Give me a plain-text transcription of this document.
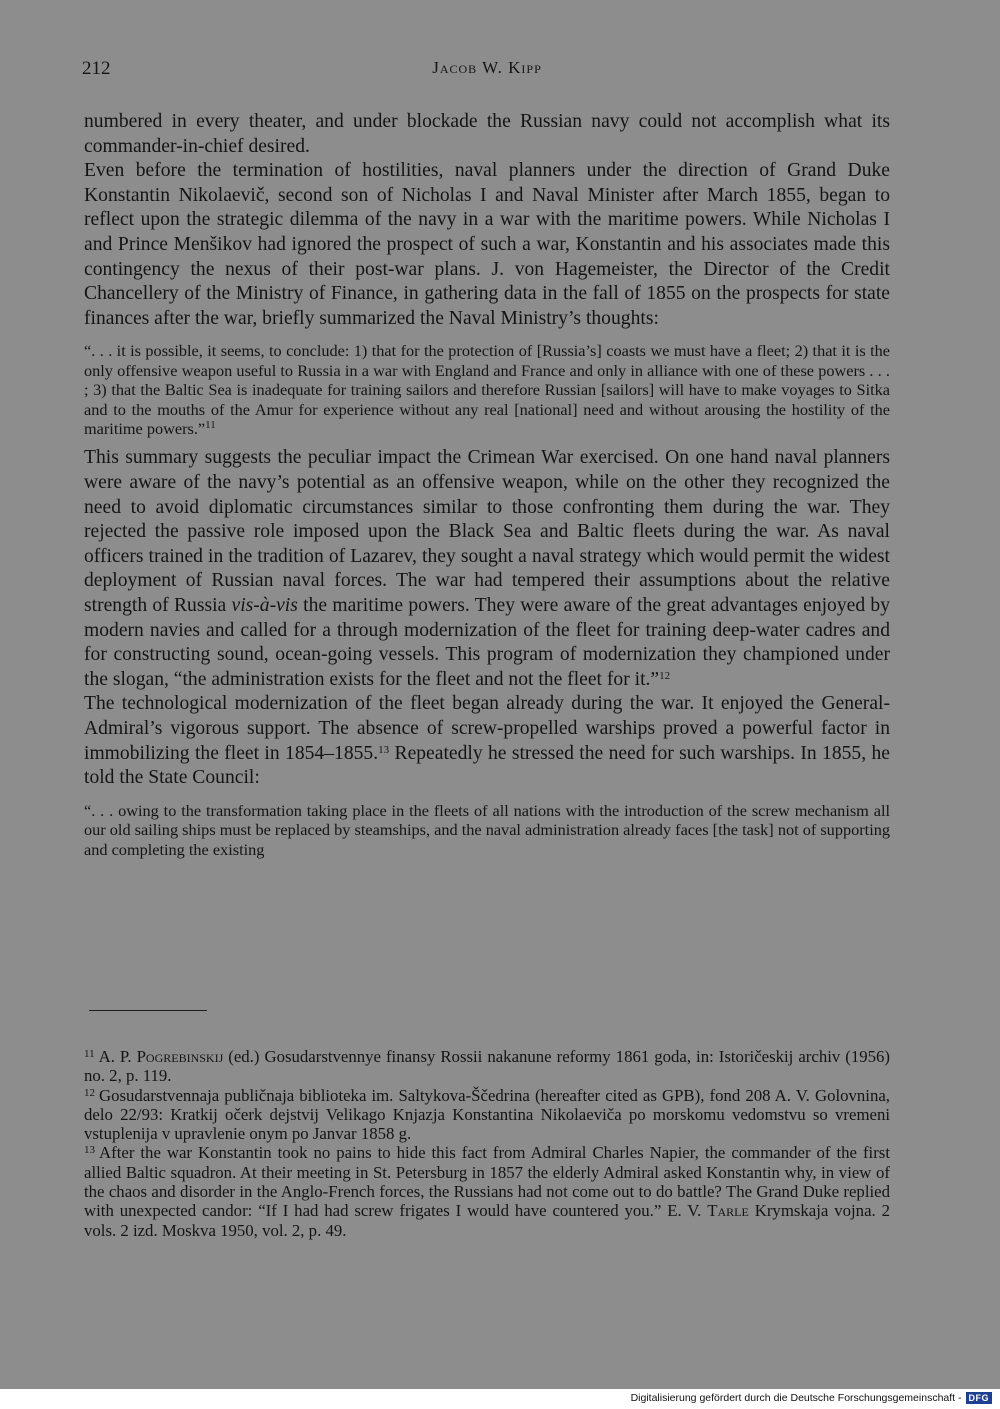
212	Jacob W. Kipp

numbered in every theater, and under blockade the Russian navy could not accomplish what its commander-in-chief desired.

Even before the termination of hostilities, naval planners under the direction of Grand Duke Konstantin Nikolaevič, second son of Nicholas I and Naval Minister after March 1855, began to reflect upon the strategic dilemma of the navy in a war with the maritime powers. While Nicholas I and Prince Menšikov had ignored the prospect of such a war, Konstantin and his associates made this contingency the nexus of their post-war plans. J. von Hagemeister, the Director of the Credit Chancellery of the Ministry of Finance, in gathering data in the fall of 1855 on the prospects for state finances after the war, briefly summarized the Naval Ministry’s thoughts:

“. . . it is possible, it seems, to conclude: 1) that for the protection of [Russia’s] coasts we must have a fleet; 2) that it is the only offensive weapon useful to Russia in a war with England and France and only in alliance with one of these powers . . . ; 3) that the Baltic Sea is inadequate for training sailors and therefore Russian [sailors] will have to make voyages to Sitka and to the mouths of the Amur for experience without any real [national] need and without arousing the hostility of the maritime powers.”$^{11}$

This summary suggests the peculiar impact the Crimean War exercised. On one hand naval planners were aware of the navy’s potential as an offensive weapon, while on the other they recognized the need to avoid diplomatic circumstances similar to those confronting them during the war. They rejected the passive role imposed upon the Black Sea and Baltic fleets during the war. As naval officers trained in the tradition of Lazarev, they sought a naval strategy which would permit the widest deployment of Russian naval forces. The war had tempered their assumptions about the relative strength of Russia vis-à-vis the maritime powers. They were aware of the great advantages enjoyed by modern navies and called for a through modernization of the fleet for training deep-water cadres and for constructing sound, ocean-going vessels. This program of modernization they championed under the slogan, “the administration exists for the fleet and not the fleet for it.”$^{12}$

The technological modernization of the fleet began already during the war. It enjoyed the General-Admiral’s vigorous support. The absence of screw-propelled warships proved a powerful factor in immobilizing the fleet in 1854–1855.13 Repeatedly he stressed the need for such warships. In 1855, he told the State Council:

“. . . owing to the transformation taking place in the fleets of all nations with the introduction of the screw mechanism all our old sailing ships must be replaced by steamships, and the naval administration already faces [the task] not of supporting and completing the existing

$^{11}$ A. P. Pogrebinskij (ed.) Gosudarstvennye finansy Rossii nakanune reformy 1861 goda, in: Istoričeskij archiv (1956) no. 2, p. 119.

$^{12}$ Gosudarstvennaja publičnaja biblioteka im. Saltykova-Ščedrina (hereafter cited as GPB), fond 208 A. V. Golovnina, delo 22/93: Kratkij očerk dejstvij Velikago Knjazja Konstantina Nikolaeviča po morskomu vedomstvu so vremeni vstuplenija v upravlenie onym po Janvar 1858 g.

$^{13}$ After the war Konstantin took no pains to hide this fact from Admiral Charles Napier, the commander of the first allied Baltic squadron. At their meeting in St. Petersburg in 1857 the elderly Admiral asked Konstantin why, in view of the chaos and disorder in the Anglo-French forces, the Russians had not come out to do battle? The Grand Duke replied with unexpected candor: “If I had had screw frigates I would have countered you.” E. V. Tarle Krymskaja vojna. 2 vols. 2 izd. Moskva 1950, vol. 2, p. 49.

Digitalisierung gefördert durch die Deutsche Forschungsgemeinschaft - DFG
